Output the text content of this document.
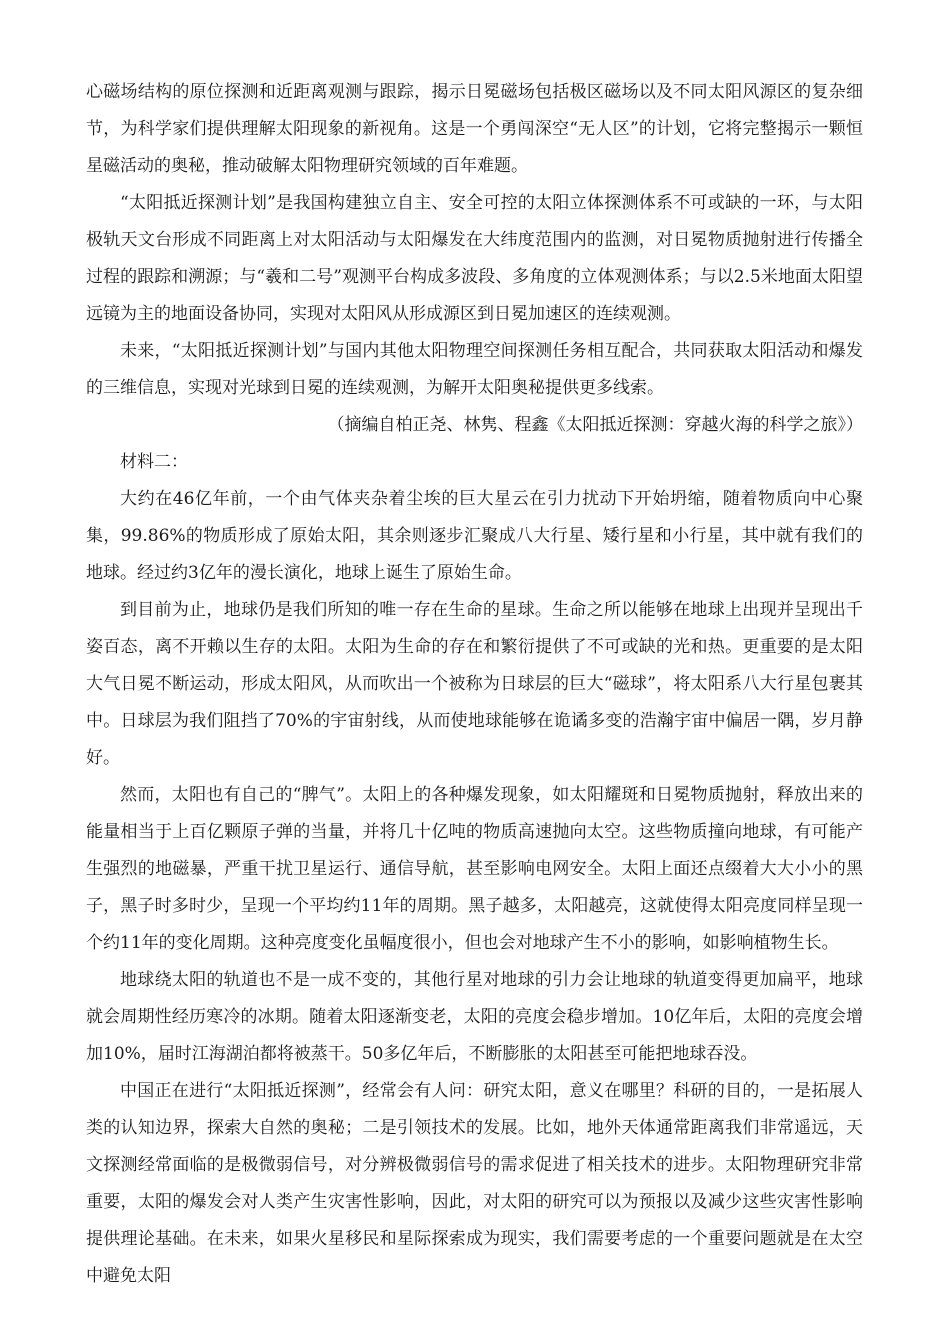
心磁场结构的原位探测和近距离观测与跟踪，揭示日冕磁场包括极区磁场以及不同太阳风源区的复杂细节，为科学家们提供理解太阳现象的新视角。这是一个勇闯深空“无人区”的计划，它将完整揭示一颗恒星磁活动的奥秘，推动破解太阳物理研究领域的百年难题。

“太阳抵近探测计划”是我国构建独立自主、安全可控的太阳立体探测体系不可或缺的一环，与太阳极轨天文台形成不同距离上对太阳活动与太阳爆发在大纬度范围内的监测，对日冕物质抛射进行传播全过程的跟踪和溯源；与“羲和二号”观测平台构成多波段、多角度的立体观测体系；与以2.5米地面太阳望远镜为主的地面设备协同，实现对太阳风从形成源区到日冕加速区的连续观测。

未来，“太阳抵近探测计划”与国内其他太阳物理空间探测任务相互配合，共同获取太阳活动和爆发的三维信息，实现对光球到日冕的连续观测，为解开太阳奥秘提供更多线索。

（摘编自柏正尧、林隽、程鑫《太阳抵近探测：穿越火海的科学之旅》）

材料二：

大约在46亿年前，一个由气体夹杂着尘埃的巨大星云在引力扰动下开始坍缩，随着物质向中心聚集，99.86%的物质形成了原始太阳，其余则逐步汇聚成八大行星、矮行星和小行星，其中就有我们的地球。经过约3亿年的漫长演化，地球上诞生了原始生命。

到目前为止，地球仍是我们所知的唯一存在生命的星球。生命之所以能够在地球上出现并呈现出千姿百态，离不开赖以生存的太阳。太阳为生命的存在和繁衍提供了不可或缺的光和热。更重要的是太阳大气日冕不断运动，形成太阳风，从而吹出一个被称为日球层的巨大“磁球”，将太阳系八大行星包裹其中。日球层为我们阻挡了70%的宇宙射线，从而使地球能够在诡谲多变的浩瀚宇宙中偏居一隅，岁月静好。

然而，太阳也有自己的“脾气”。太阳上的各种爆发现象，如太阳耀斑和日冕物质抛射，释放出来的能量相当于上百亿颗原子弹的当量，并将几十亿吨的物质高速抛向太空。这些物质撞向地球，有可能产生强烈的地磁暴，严重干扰卫星运行、通信导航，甚至影响电网安全。太阳上面还点缀着大大小小的黑子，黑子时多时少，呈现一个平均约11年的周期。黑子越多，太阳越亮，这就使得太阳亮度同样呈现一个约11年的变化周期。这种亮度变化虽幅度很小，但也会对地球产生不小的影响，如影响植物生长。

地球绕太阳的轨道也不是一成不变的，其他行星对地球的引力会让地球的轨道变得更加扁平，地球就会周期性经历寒冷的冰期。随着太阳逐渐变老，太阳的亮度会稳步增加。10亿年后，太阳的亮度会增加10%，届时江海湖泊都将被蒸干。50多亿年后，不断膨胀的太阳甚至可能把地球吞没。

中国正在进行“太阳抵近探测”，经常会有人问：研究太阳，意义在哪里？科研的目的，一是拓展人类的认知边界，探索大自然的奥秘；二是引领技术的发展。比如，地外天体通常距离我们非常遥远，天文探测经常面临的是极微弱信号，对分辨极微弱信号的需求促进了相关技术的进步。太阳物理研究非常重要，太阳的爆发会对人类产生灾害性影响，因此，对太阳的研究可以为预报以及减少这些灾害性影响提供理论基础。在未来，如果火星移民和星际探索成为现实，我们需要考虑的一个重要问题就是在太空中避免太阳
